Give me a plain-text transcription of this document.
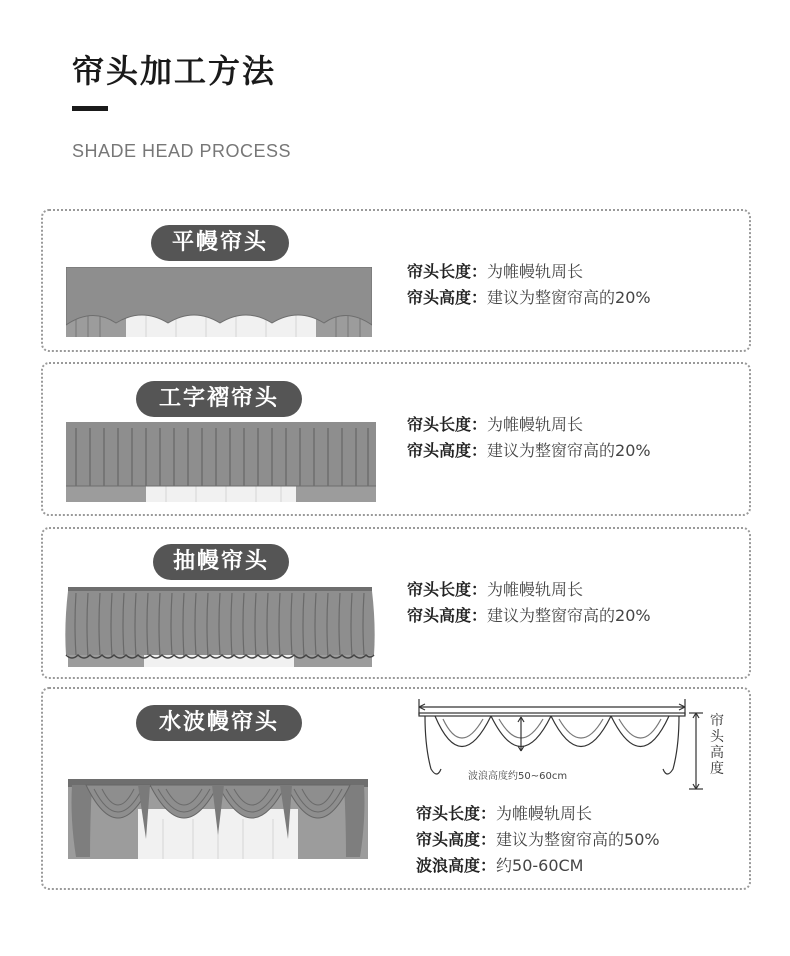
帘头加工方法
SHADE HEAD PROCESS
平幔帘头
帘头长度：为帷幔轨周长
帘头高度：建议为整窗帘高的20%
工字褶帘头
帘头长度：为帷幔轨周长
帘头高度：建议为整窗帘高的20%
抽幔帘头
帘头长度：为帷幔轨周长
帘头高度：建议为整窗帘高的20%
水波幔帘头
波浪高度约50~60cm
帘
头
高
度
帘头长度：为帷幔轨周长
帘头高度：建议为整窗帘高的50%
波浪高度：约50-60CM
